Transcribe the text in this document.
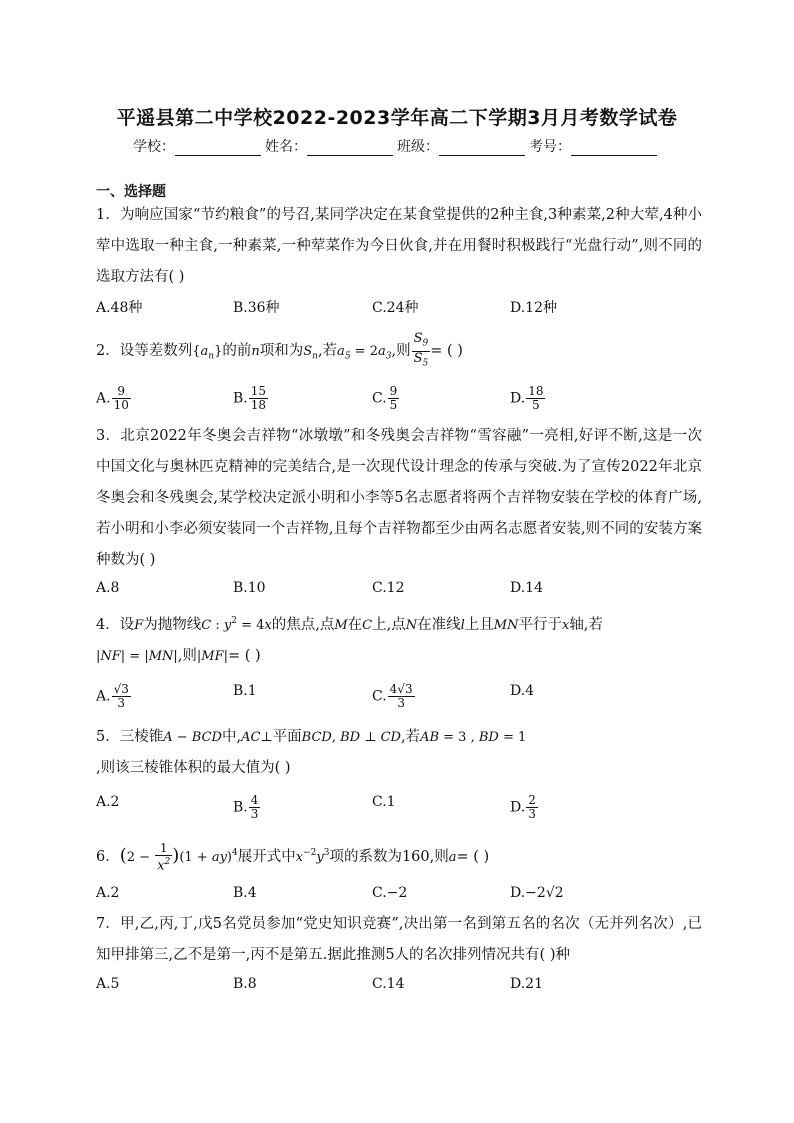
平遥县第二中学校2022-2023学年高二下学期3月月考数学试卷
学校：	姓名：	班级：	考号：
一、选择题
1．为响应国家“节约粮食”的号召,某同学决定在某食堂提供的2种主食,3种素菜,2种大荤,4种小荤中选取一种主食,一种素菜,一种荤菜作为今日伙食,并在用餐时积极践行“光盘行动”,则不同的选取方法有( )
A.48种	B.36种	C.24种	D.12种
2．设等差数列$\{a_n\}$的前n项和为$S_n$,若$a_5 = 2a_3$,则 $\frac{S_9}{S_5}$ = ( )
A. $\frac{9}{10}$	B. $\frac{15}{18}$	C. $\frac{9}{5}$	D. $\frac{18}{5}$
3．北京2022年冬奥会吉祥物“冰墩墩”和冬残奥会吉祥物“雪容融”一亮相,好评不断,这是一次中国文化与奥林匹克精神的完美结合,是一次现代设计理念的传承与突破.为了宣传2022年北京冬奥会和冬残奥会,某学校决定派小明和小李等5名志愿者将两个吉祥物安装在学校的体育广场,若小明和小李必须安装同一个吉祥物,且每个吉祥物都至少由两名志愿者安装,则不同的安装方案种数为( )
A.8	B.10	C.12	D.14
4．设F为抛物线C : $y^2 = 4x$的焦点,点M在C上,点N在准线l上且MN平行于x轴,若
|NF| = |MN|,则|MF|= ( )
A. $\frac{√3}{3}$	B.1	C. $\frac{4√3}{3}$	D.4
5．三棱锥A − BCD中,AC⊥平面BCD, BD ⊥ CD,若AB = 3 , BD = 1
,则该三棱锥体积的最大值为( )
A.2	B. $\frac{4}{3}$	C.1	D. $\frac{2}{3}$
6．$(2 - \frac{1}{x^2} )(1 + ay)^4$展开式中$x^{-2}y^3$项的系数为160,则a= ( )
A.2	B.4	C.−2	D.−2√2
7．甲,乙,丙,丁,戊5名党员参加“党史知识竞赛”,决出第一名到第五名的名次（无并列名次）,已知甲排第三,乙不是第一,丙不是第五.据此推测5人的名次排列情况共有( )种
A.5	B.8	C.14	D.21
